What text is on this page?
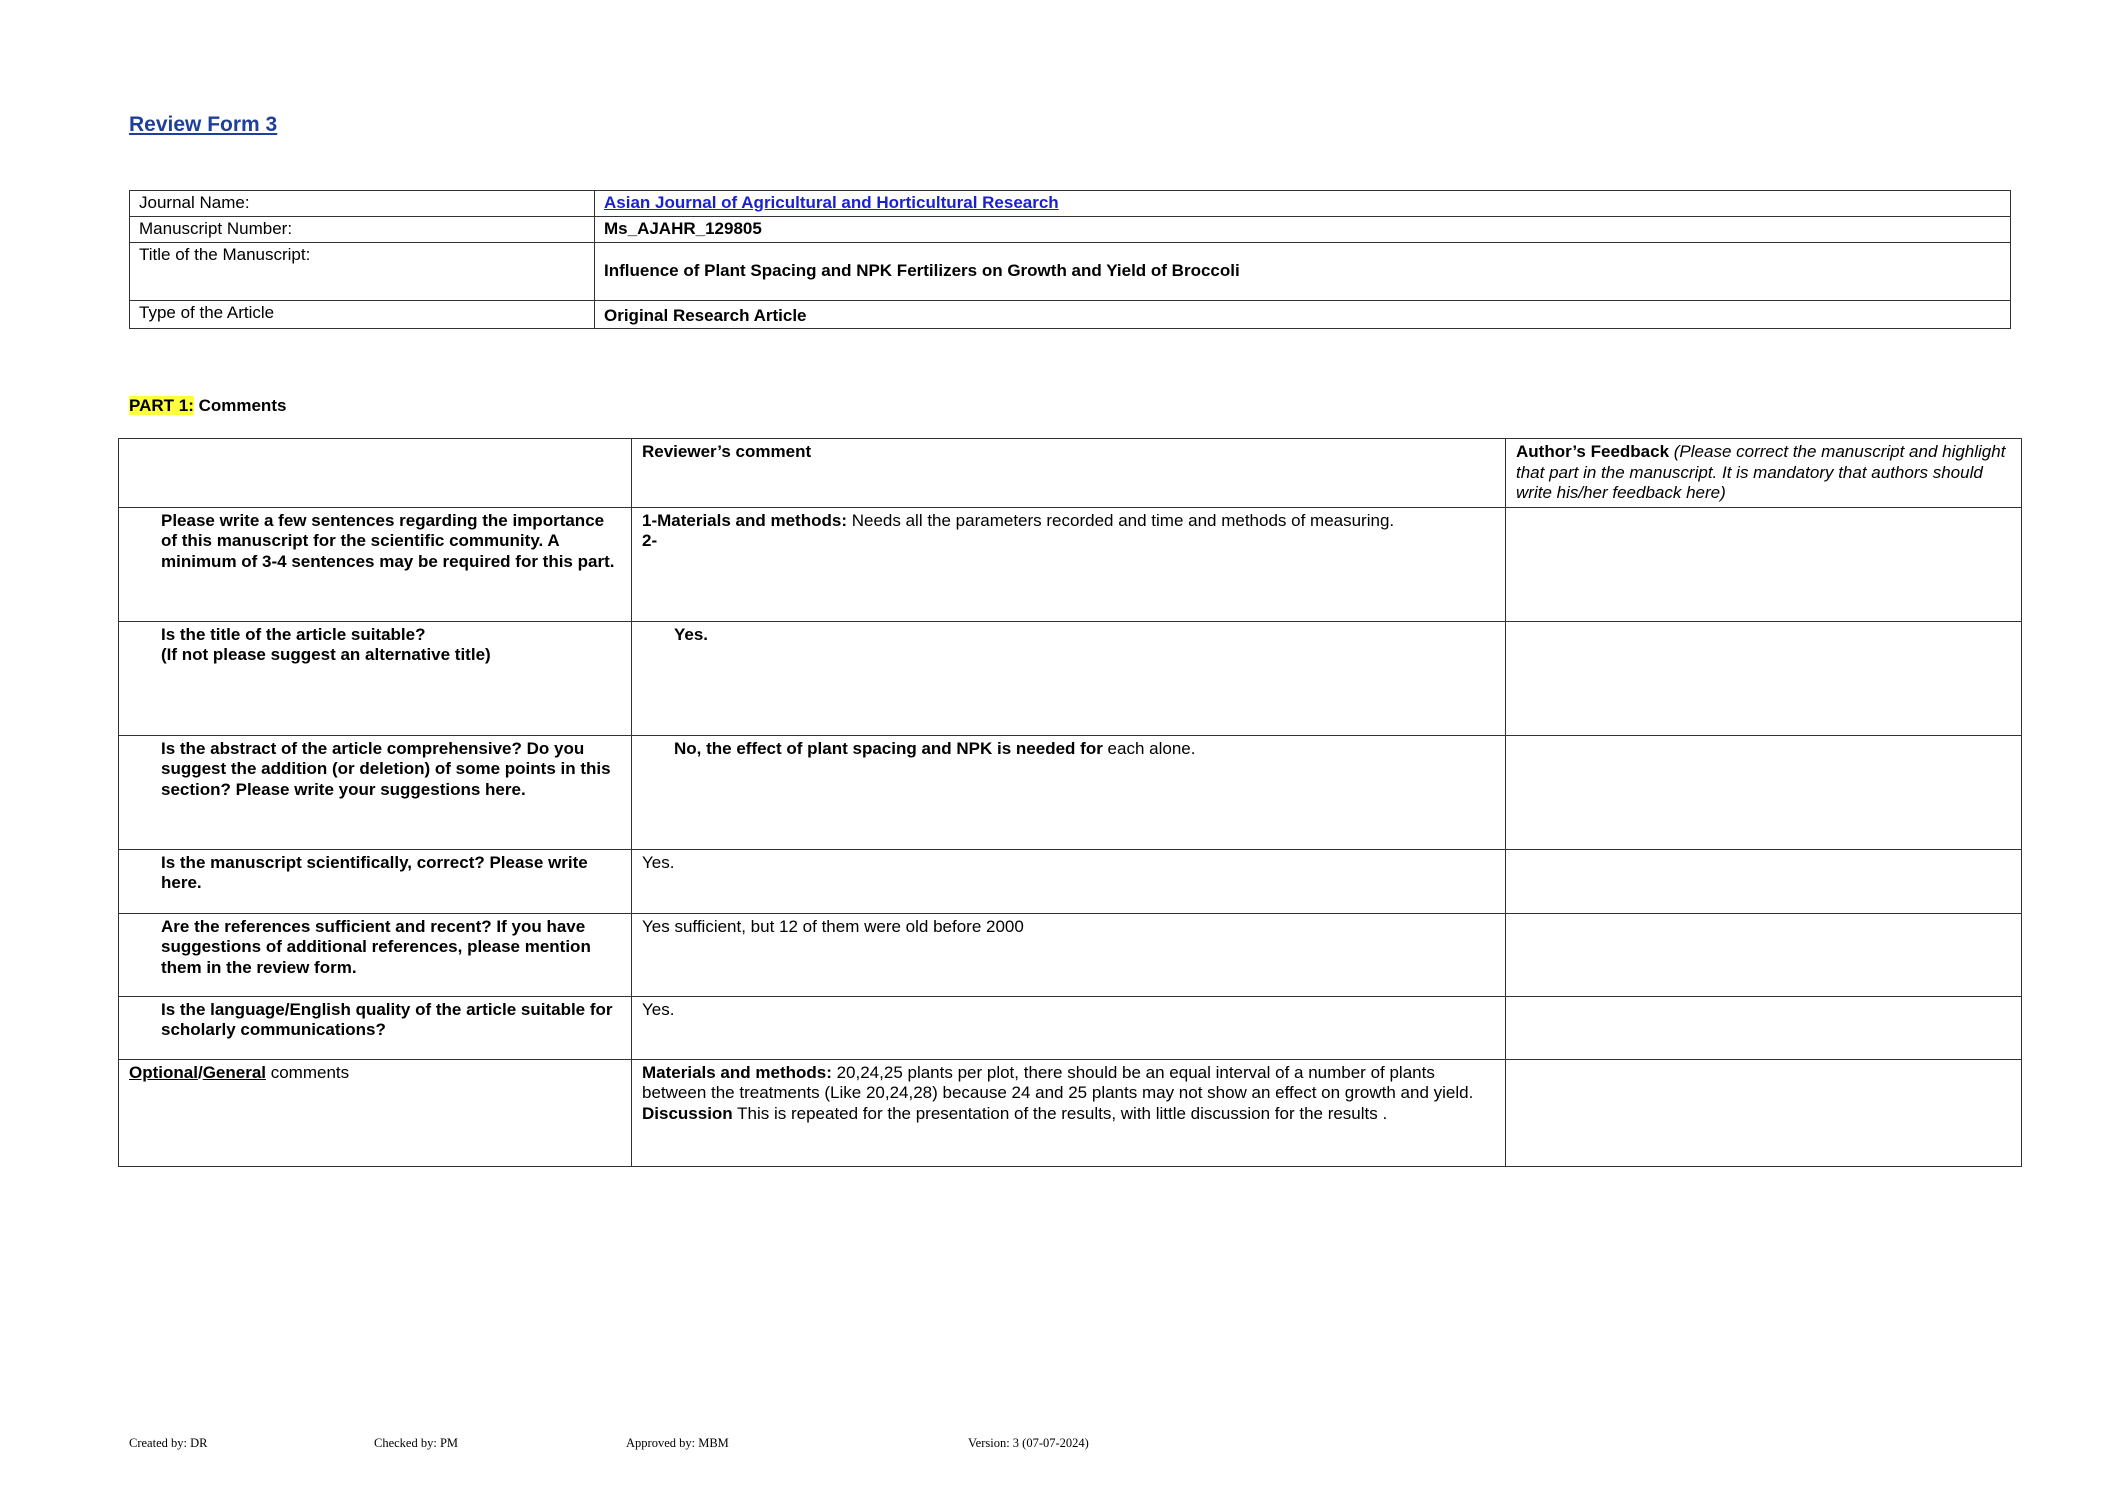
Review Form 3
Journal Name:	Asian Journal of Agricultural and Horticultural Research
Manuscript Number:	Ms_AJAHR_129805
Title of the Manuscript:	Influence of Plant Spacing and NPK Fertilizers on Growth and Yield of Broccoli
Type of the Article	Original Research Article
PART 1: Comments
	Reviewer’s comment	Author’s Feedback (Please correct the manuscript and highlight that part in the manuscript. It is mandatory that authors should write his/her feedback here)
Please write a few sentences regarding the importance of this manuscript for the scientific community. A minimum of 3-4 sentences may be required for this part.	1-Materials and methods: Needs all the parameters recorded and time and methods of measuring.
2-	
Is the title of the article suitable?
(If not please suggest an alternative title)	Yes.	
Is the abstract of the article comprehensive? Do you suggest the addition (or deletion) of some points in this section? Please write your suggestions here.	No, the effect of plant spacing and NPK is needed for each alone.	
Is the manuscript scientifically, correct? Please write here.	Yes.	
Are the references sufficient and recent? If you have suggestions of additional references, please mention them in the review form.	Yes sufficient, but 12 of them were old before 2000	
Is the language/English quality of the article suitable for scholarly communications?	Yes.	
Optional/General comments	Materials and methods: 20,24,25 plants per plot, there should be an equal interval of a number of plants between the treatments (Like 20,24,28) because 24 and 25 plants may not show an effect on growth and yield.
Discussion This is repeated for the presentation of the results, with little discussion for the results .	
Created by: DR	Checked by: PM	Approved by: MBM	Version: 3 (07-07-2024)
